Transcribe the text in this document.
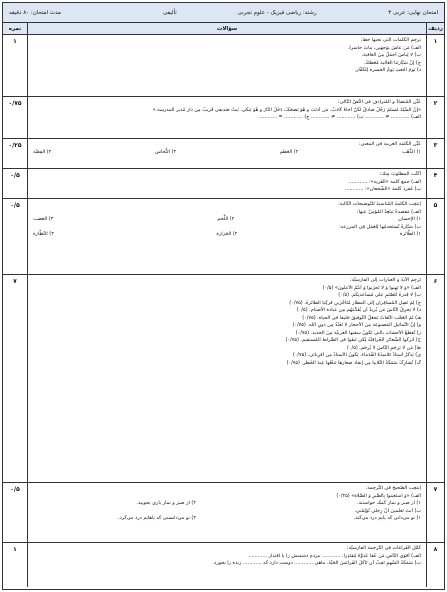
امتحان نهایی: عربی ۳
رشته: ریاضی فیزیک - علوم تجربی
تألیفی
مدت امتحان: ۸۰ دقیقه
ردیف
سؤالات
نمره
۱
ترجِم الکلمات الّتی تحتها خطٌّ:
الف) مَن عاشَ بوَجهَین، ماتَ خاسراً.
ب) لا لِباسَ أجمَلُ مِنَ العافیة.
ج) إنّ سَیّارتَنا الغالیة مُعَطَّلةٌ.
د) یَومَ البَعثِ یَومُ الحسرة لِلکُفّار.
۱
۲
عَیِّن المُتضادّ و المُترادف فی النّصّ التّالی:
«إنّ السّیّدَ مُسلمَ رَجُلٌ صادقٌ لکنّ أخاهُ کاذبٌ. مَن أذنَبَ و هُوَ یَضحَکُ، دَخَلَ النّارَ و هُوَ یَبکی. بَیتُ صَدیقی قَریبٌ مِن دار مُدیر المدرسة.»
الف) ............ ≠ ............ ب) ............ ≠ ............ ج) ............ = ............
۰/۷۵
۳
عَیِّن الکلمة الغریبة فی المعنی:
۱) الذَّهَب
۲) العَظم
۳) النُّحاس
۴) الفِضّة
۰/۲۵
۴
أُکتُب المطلوبَ مِنك:
الف) جمع کلمة «القَرية»: ............
ب) مُفرد کلمة «الشُّجعان»: ............
۰/۵
۵
اِنتخِب الکلمةَ المُناسبةَ للتّوضیحات التّالیة:
الف) مَقصدةٌ یَبتَعِدُ المُؤمنُ عنها:
۱) الإحسان
۲) اللَّحم
۳) الغضب
ب) سَیّارةٌ تُستَخدمُها لِلعَمَل فِی المزرعة:
۱) الطّائرة
۲) الجَزارة
۳) النّظّارة
۰/۵
۶
تَرجِم الآیةَ و العبارات إلی الفارسیّة:
الف) «وَ لا تَهِنوا وَ لا تَحزَنوا وَ أنتُمُ الأعلَونَ» (۰/۵)
ب) لا قُدرةَ للصّنَمِ علی مُساعدتِکُم. (۰/۵)
ج) لِمَ تَصِل المُسافِران إلی المطار مُتَأخِّرَینِ فرکِبا الطّائرةَ. (۰/۷۵)
د) لا یَحرِقُ النّاسَ مَن یُریدُ أن یُقَدِّمَهُم مِن عبادة الأصنام. (۰/۵)
هـ) لَمَ أتَعَجَّب النُّعاتُ یَجعَلُ التّوفیقَ حَلیفاً فی الحیاة. (۰/۷۵)
و) إنّ التّماثیل المَصنوعة مِنَ الأحجار لا تَعبُدُ مِن دونِ الله. (۰/۷۵)
ز) تُقطَعُ الأخشابَ بالّتی تَکونُ سقتها الغربیّة مِنَ الحدید. (۰/۷۵)
ح) أترکوا الشّعائر الخُرافیّةَ لِکَي تَبقَوا فی الصِّراط المُستقیم. (۰/۷۵)
ط) مَن لا یَرحَمِ النّاسَ لا یُرحَم. (۰/۵)
ی) یَذکُرُ أُستاذُ تَلامیذَهُ القُدَماء، یَکونُ الأُستاذُ مِن أقرِبائی. (۰/۷۵)
ک) تُشارِکُ سَمَکةُ التّلاپیا مِن إنقاذ صغارها تَبلَعُها عِندَ الخَطَر. (۰/۷۵)
۷
۷
اِنتخِب الصّحیحَ فی التّرجمة:
الف) «وَ استَعینوا بِالصَّبرِ وَ الصَّلاةِ» (۰/۲۵)
۱) از صبر و نماز کمک خواستند.
۲) از صبر و نماز یاری بجویید.
ب) أنتَ تَعلَمينَ أنّ رِجلي تُؤلِمُني.
۱) تو می‌دانی که پایم درد می‌کند.
۲) تو می‌دانستی که پاهایم درد می‌کرد.
۰/۵
۸
کَمِّل الفَراغات فی التّرجمة الفارسیّة:
الف) أقوَی النّاسِ مَن عَفا عَدوَّهُ مُقتَدِراً. ............ مردم دشمنش را با اقتدار ............
ب) سَمَکةُ السَّهمِ تَحِبُّ أن تَأکُلَ الفَرائسَ الحَیّةَ. ماهی ............ دوست دارد که ............ زنده را بخورد.
۱
